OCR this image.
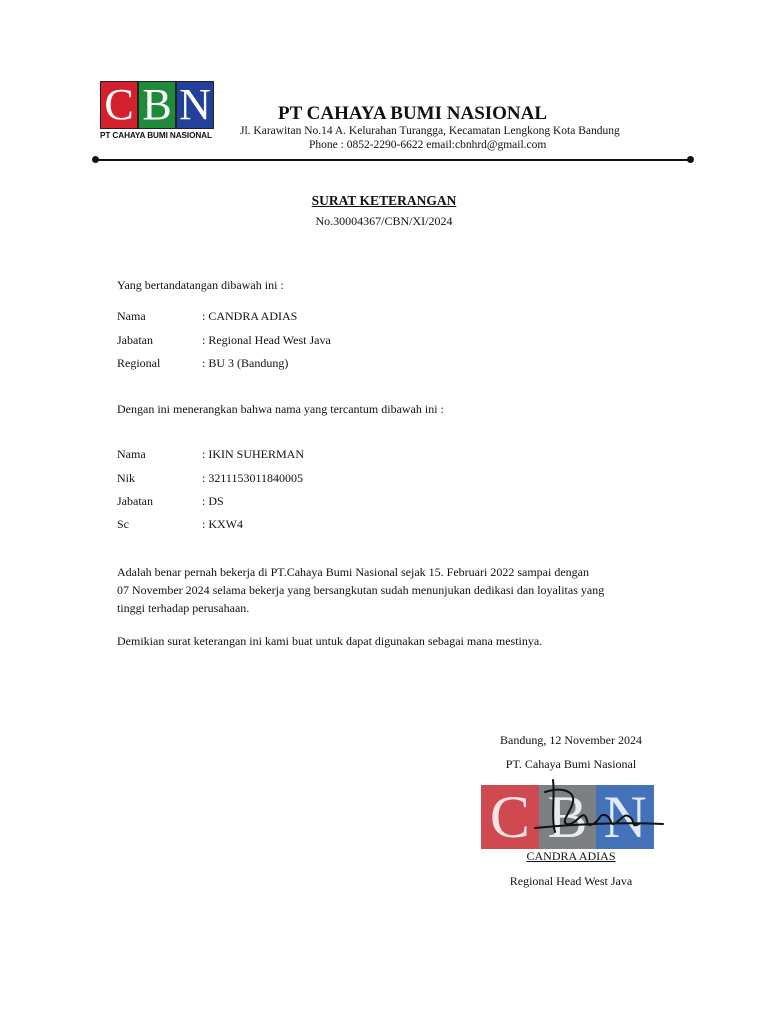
C B N
PT CAHAYA BUMI NASIONAL
PT CAHAYA BUMI NASIONAL
Jl. Karawitan No.14 A. Kelurahan Turangga, Kecamatan Lengkong Kota Bandung
Phone : 0852-2290-6622 email:cbnhrd@gmail.com
SURAT KETERANGAN
No.30004367/CBN/XI/2024
Yang bertandatangan dibawah ini :
Nama	: CANDRA ADIAS
Jabatan	: Regional Head West Java
Regional	: BU 3 (Bandung)
Dengan ini menerangkan bahwa nama yang tercantum dibawah ini :
Nama	: IKIN SUHERMAN
Nik	: 3211153011840005
Jabatan	: DS
Sc	: KXW4
Adalah benar pernah bekerja di PT.Cahaya Bumi Nasional sejak 15. Februari 2022 sampai dengan
07 November 2024 selama bekerja yang bersangkutan sudah menunjukan dedikasi dan loyalitas yang
tinggi terhadap perusahaan.
Demikian surat keterangan ini kami buat untuk dapat digunakan sebagai mana mestinya.
Bandung, 12 November 2024
PT. Cahaya Bumi Nasional
C B N
CANDRA ADIAS
Regional Head West Java
